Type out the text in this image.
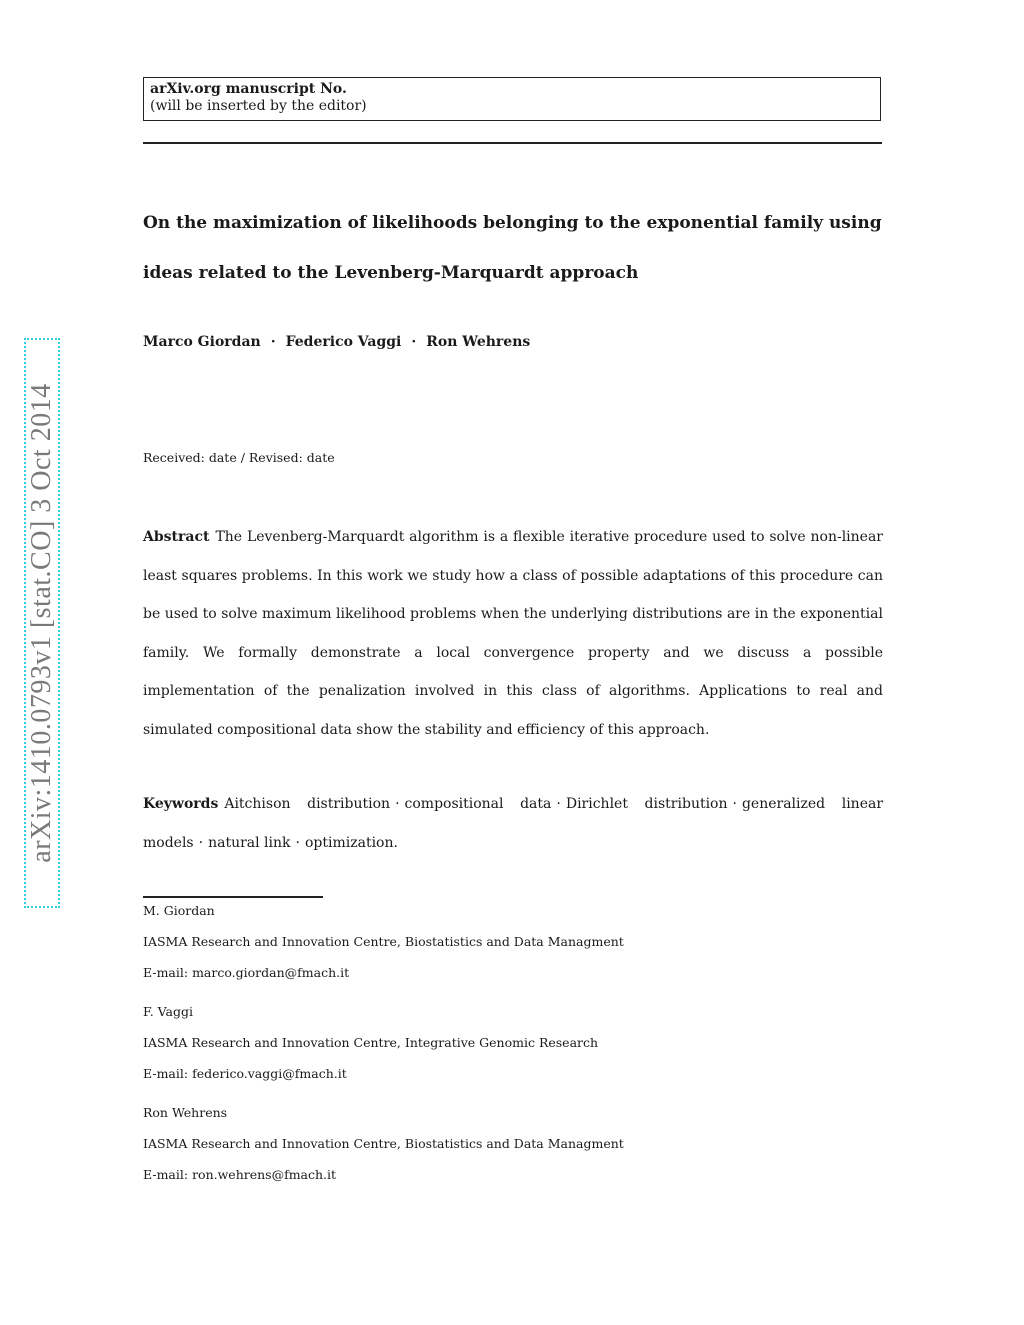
arXiv:1410.0793v1 [stat.CO] 3 Oct 2014
arXiv.org manuscript No.
(will be inserted by the editor)
On the maximization of likelihoods belonging to the exponential family using ideas related to the Levenberg-Marquardt approach
Marco Giordan · Federico Vaggi · Ron Wehrens
Received: date / Revised: date

Abstract The Levenberg-Marquardt algorithm is a flexible iterative procedure used to solve non-linear least squares problems. In this work we study how a class of possible adaptations of this procedure can be used to solve maximum likelihood problems when the underlying distributions are in the exponential family. We formally demonstrate a local convergence property and we discuss a possible implementation of the penalization involved in this class of algorithms. Applications to real and simulated compositional data show the stability and efficiency of this approach.

Keywords Aitchison distribution · compositional data · Dirichlet distribution · generalized linear models · natural link · optimization.

M. Giordan
IASMA Research and Innovation Centre, Biostatistics and Data Managment
E-mail: marco.giordan@fmach.it
F. Vaggi
IASMA Research and Innovation Centre, Integrative Genomic Research
E-mail: federico.vaggi@fmach.it
Ron Wehrens
IASMA Research and Innovation Centre, Biostatistics and Data Managment
E-mail: ron.wehrens@fmach.it
